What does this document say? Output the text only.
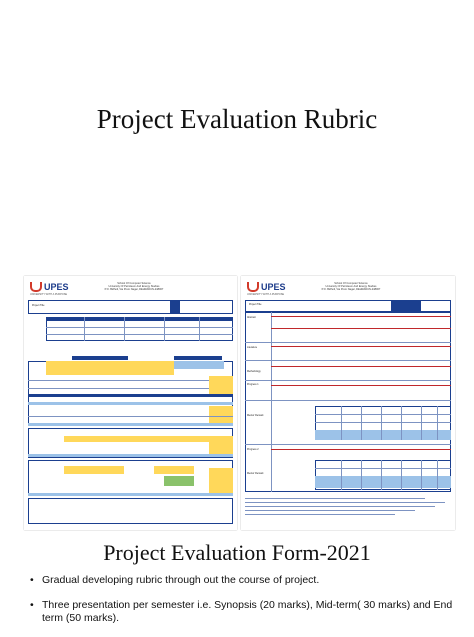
Project Evaluation Rubric
UPES
UNIVERSITY WITH A PURPOSE
School Of Computer Science
University Of Petroleum And Energy Studies
P.O. Bidholi, Via Prem Nagar, DEHRADUN-248007
Project Title
UPES
UNIVERSITY WITH A PURPOSE
School Of Computer Science
University Of Petroleum And Energy Studies
P.O. Bidholi, Via Prem Nagar, DEHRADUN-248007
Project Title
Abstract
Literature
Methodology
Progress 1
Mentor Remark
Progress 2
Mentor Remark
Project Evaluation Form-2021
• Gradual developing rubric through out the course of project.
• Three presentation per semester i.e. Synopsis (20 marks), Mid-term( 30 marks) and End term (50 marks).
